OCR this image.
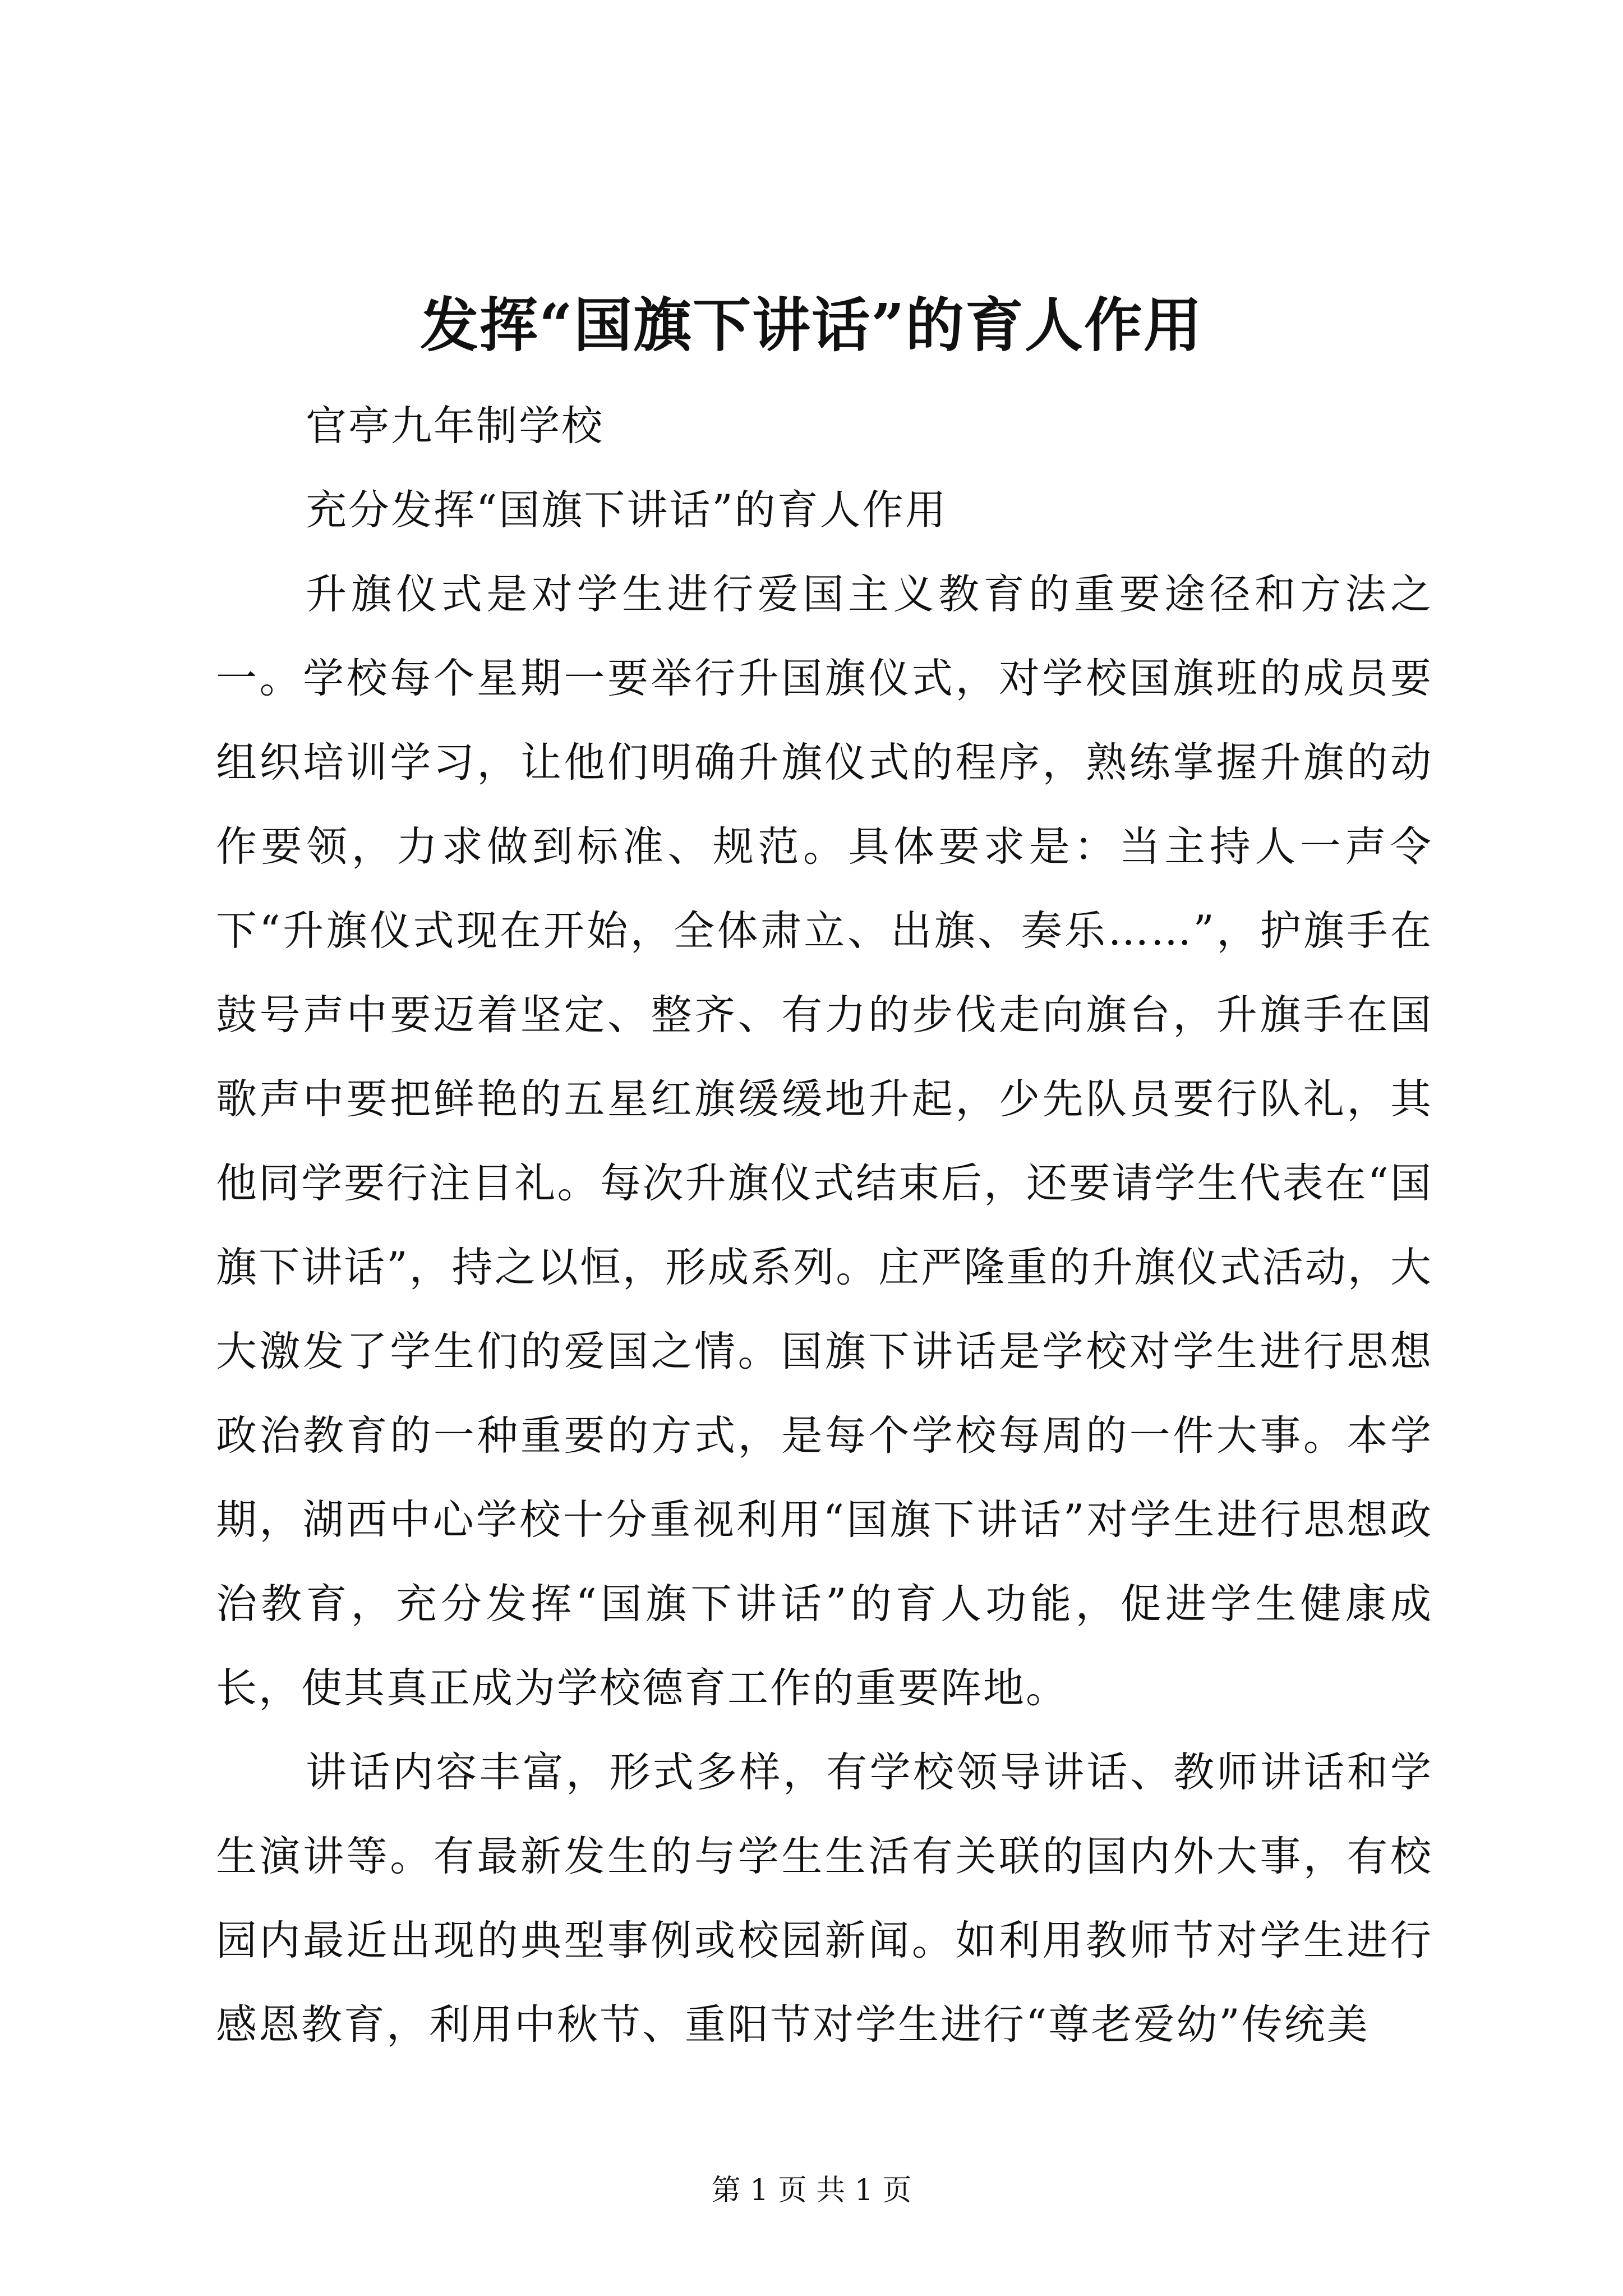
发挥“国旗下讲话”的育人作用

官亭九年制学校

充分发挥“国旗下讲话”的育人作用

升旗仪式是对学生进行爱国主义教育的重要途径和方法之一。学校每个星期一要举行升国旗仪式，对学校国旗班的成员要组织培训学习，让他们明确升旗仪式的程序，熟练掌握升旗的动作要领，力求做到标准、规范。具体要求是：当主持人一声令下“升旗仪式现在开始，全体肃立、出旗、奏乐……”，护旗手在鼓号声中要迈着坚定、整齐、有力的步伐走向旗台，升旗手在国歌声中要把鲜艳的五星红旗缓缓地升起，少先队员要行队礼，其他同学要行注目礼。每次升旗仪式结束后，还要请学生代表在“国旗下讲话”，持之以恒，形成系列。庄严隆重的升旗仪式活动，大大激发了学生们的爱国之情。国旗下讲话是学校对学生进行思想政治教育的一种重要的方式，是每个学校每周的一件大事。本学期，湖西中心学校十分重视利用“国旗下讲话”对学生进行思想政治教育，充分发挥“国旗下讲话”的育人功能，促进学生健康成长，使其真正成为学校德育工作的重要阵地。

讲话内容丰富，形式多样，有学校领导讲话、教师讲话和学生演讲等。有最新发生的与学生生活有关联的国内外大事，有校园内最近出现的典型事例或校园新闻。如利用教师节对学生进行感恩教育，利用中秋节、重阳节对学生进行“尊老爱幼”传统美

第 1 页 共 1 页
